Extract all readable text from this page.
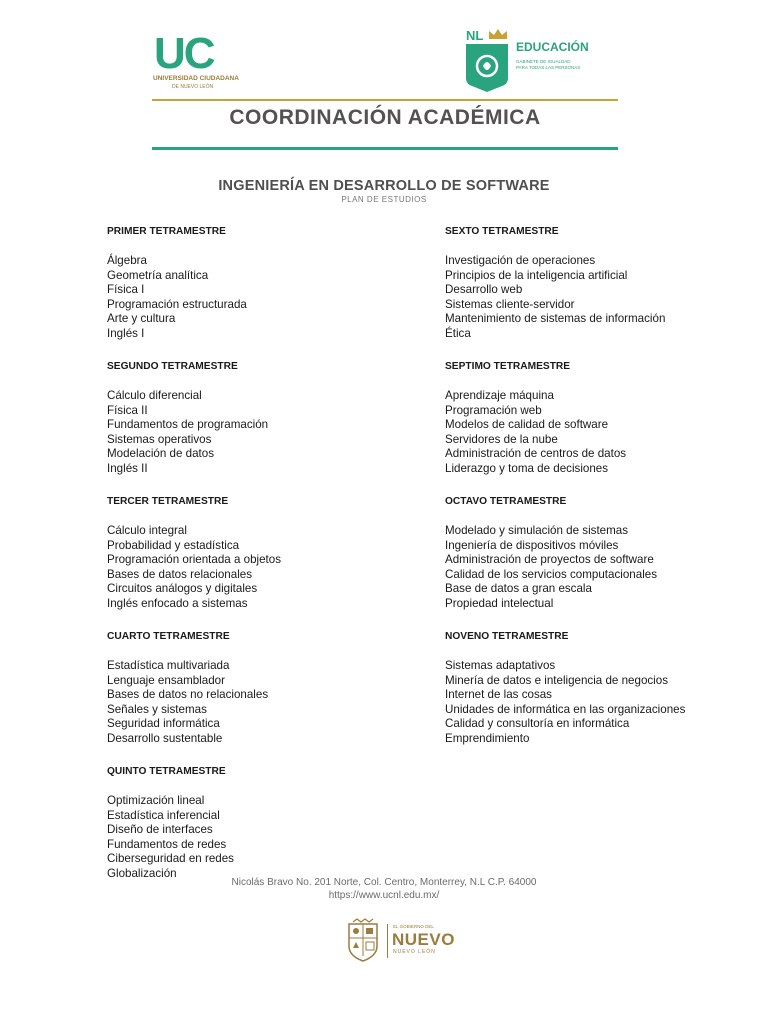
UC
UNIVERSIDAD CIUDADANA
DE NUEVO LEÓN
NL
EDUCACIÓN
GABINETE DE IGUALDAD
PARA TODAS LAS PERSONAS
COORDINACIÓN ACADÉMICA
INGENIERÍA EN DESARROLLO DE SOFTWARE
PLAN DE ESTUDIOS
PRIMER TETRAMESTRE
Álgebra
Geometría analítica
Física I
Programación estructurada
Arte y cultura
Inglés I
SEGUNDO TETRAMESTRE
Cálculo diferencial
Física II
Fundamentos de programación
Sistemas operativos
Modelación de datos
Inglés II
TERCER TETRAMESTRE
Cálculo integral
Probabilidad y estadística
Programación orientada a objetos
Bases de datos relacionales
Circuitos análogos y digitales
Inglés enfocado a sistemas
CUARTO TETRAMESTRE
Estadística multivariada
Lenguaje ensamblador
Bases de datos no relacionales
Señales y sistemas
Seguridad informática
Desarrollo sustentable
QUINTO TETRAMESTRE
Optimización lineal
Estadística inferencial
Diseño de interfaces
Fundamentos de redes
Ciberseguridad en redes
Globalización
SEXTO TETRAMESTRE
Investigación de operaciones
Principios de la inteligencia artificial
Desarrollo web
Sistemas cliente-servidor
Mantenimiento de sistemas de información
Ética
SEPTIMO TETRAMESTRE
Aprendizaje máquina
Programación web
Modelos de calidad de software
Servidores de la nube
Administración de centros de datos
Liderazgo y toma de decisiones
OCTAVO TETRAMESTRE
Modelado y simulación de sistemas
Ingeniería de dispositivos móviles
Administración de proyectos de software
Calidad de los servicios computacionales
Base de datos a gran escala
Propiedad intelectual
NOVENO TETRAMESTRE
Sistemas adaptativos
Minería de datos e inteligencia de negocios
Internet de las cosas
Unidades de informática en las organizaciones
Calidad y consultoría en informática
Emprendimiento
Nicolás Bravo No. 201 Norte, Col. Centro, Monterrey, N.L C.P. 64000
https://www.ucnl.edu.mx/
EL GOBIERNO DEL
NUEVO
NUEVO LEÓN
